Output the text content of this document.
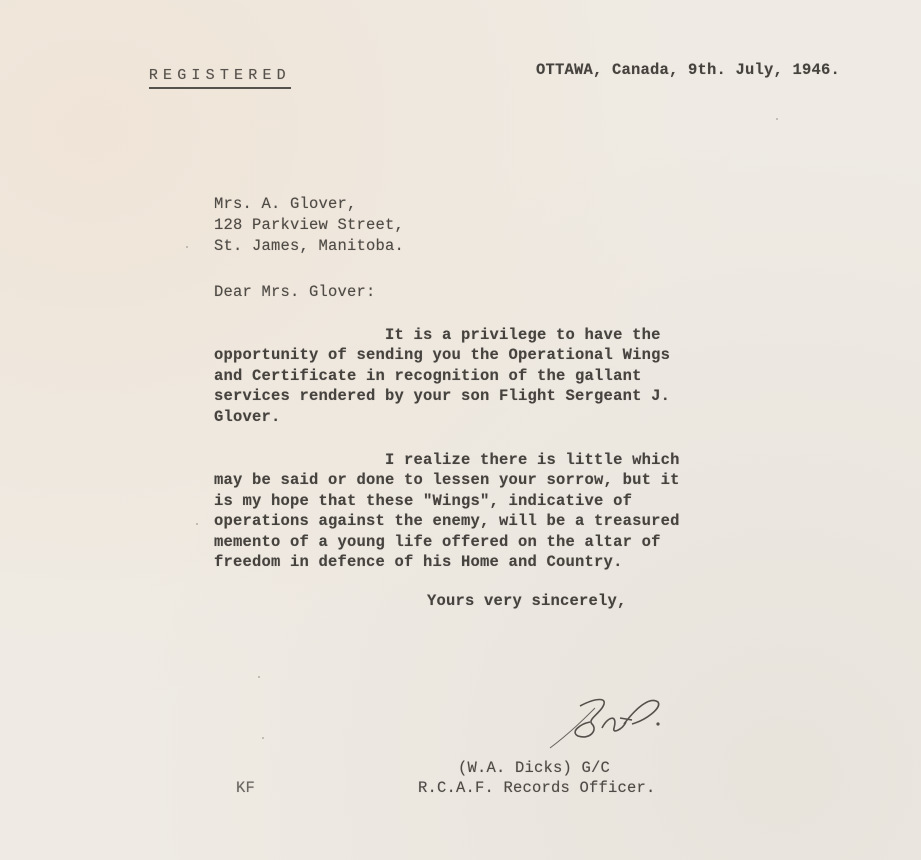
REGISTERED
	OTTAWA, Canada, 9th. July, 1946.
Mrs. A. Glover,
128 Parkview Street,
St. James, Manitoba.
Dear Mrs. Glover:
It is a privilege to have the
opportunity of sending you the Operational Wings
and Certificate in recognition of the gallant
services rendered by your son Flight Sergeant J.
Glover.
I realize there is little which
may be said or done to lessen your sorrow, but it
is my hope that these "Wings", indicative of
operations against the enemy, will be a treasured
memento of a young life offered on the altar of
freedom in defence of his Home and Country.
Yours very sincerely,
(W.A. Dicks) G/C
R.C.A.F. Records Officer.
KF
